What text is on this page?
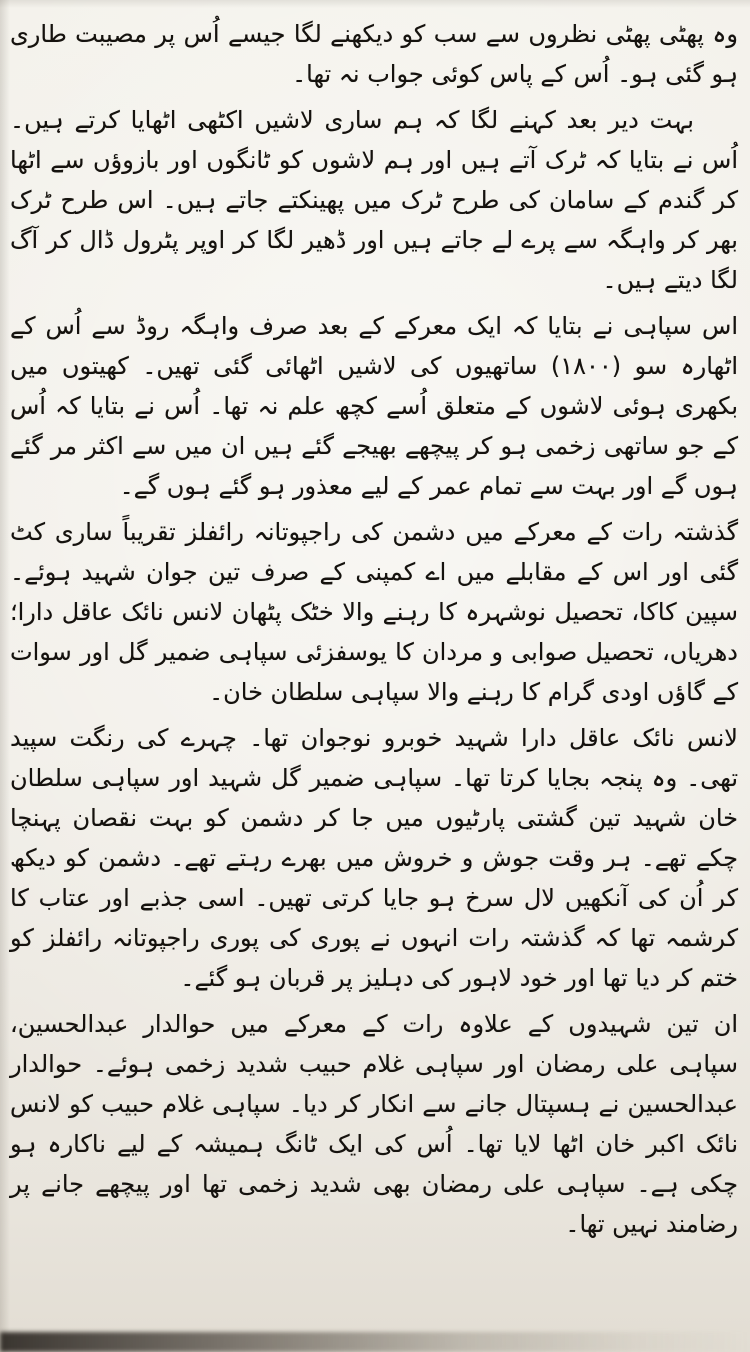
وہ پھٹی پھٹی نظروں سے سب کو دیکھنے لگا جیسے اُس پر مصیبت طاری ہو گئی ہو۔ اُس کے پاس کوئی جواب نہ تھا۔

بہت دیر بعد کہنے لگا کہ ہم ساری لاشیں اکٹھی اٹھایا کرتے ہیں۔ اُس نے بتایا کہ ٹرک آتے ہیں اور ہم لاشوں کو ٹانگوں اور بازوؤں سے اٹھا کر گندم کے سامان کی طرح ٹرک میں پھینکتے جاتے ہیں۔ اس طرح ٹرک بھر کر واہگہ سے پرے لے جاتے ہیں اور ڈھیر لگا کر اوپر پٹرول ڈال کر آگ لگا دیتے ہیں۔

اس سپاہی نے بتایا کہ ایک معرکے کے بعد صرف واہگہ روڈ سے اُس کے اٹھارہ سو (۱۸۰۰) ساتھیوں کی لاشیں اٹھائی گئی تھیں۔ کھیتوں میں بکھری ہوئی لاشوں کے متعلق اُسے کچھ علم نہ تھا۔ اُس نے بتایا کہ اُس کے جو ساتھی زخمی ہو کر پیچھے بھیجے گئے ہیں ان میں سے اکثر مر گئے ہوں گے اور بہت سے تمام عمر کے لیے معذور ہو گئے ہوں گے۔

گذشتہ رات کے معرکے میں دشمن کی راجپوتانہ رائفلز تقریباً ساری کٹ گئی اور اس کے مقابلے میں اے کمپنی کے صرف تین جوان شہید ہوئے۔ سپین کاکا، تحصیل نوشہرہ کا رہنے والا خٹک پٹھان لانس نائک عاقل دارا؛ دھریاں، تحصیل صوابی و مردان کا یوسفزئی سپاہی ضمیر گل اور سوات کے گاؤں اودی گرام کا رہنے والا سپاہی سلطان خان۔

لانس نائک عاقل دارا شہید خوبرو نوجوان تھا۔ چہرے کی رنگت سپید تھی۔ وہ پنجہ بجایا کرتا تھا۔ سپاہی ضمیر گل شہید اور سپاہی سلطان خان شہید تین گشتی پارٹیوں میں جا کر دشمن کو بہت نقصان پہنچا چکے تھے۔ ہر وقت جوش و خروش میں بھرے رہتے تھے۔ دشمن کو دیکھ کر اُن کی آنکھیں لال سرخ ہو جایا کرتی تھیں۔ اسی جذبے اور عتاب کا کرشمہ تھا کہ گذشتہ رات انہوں نے پوری کی پوری راجپوتانہ رائفلز کو ختم کر دیا تھا اور خود لاہور کی دہلیز پر قربان ہو گئے۔

ان تین شہیدوں کے علاوہ رات کے معرکے میں حوالدار عبدالحسین، سپاہی علی رمضان اور سپاہی غلام حبیب شدید زخمی ہوئے۔ حوالدار عبدالحسین نے ہسپتال جانے سے انکار کر دیا۔ سپاہی غلام حبیب کو لانس نائک اکبر خان اٹھا لایا تھا۔ اُس کی ایک ٹانگ ہمیشہ کے لیے ناکارہ ہو چکی ہے۔ سپاہی علی رمضان بھی شدید زخمی تھا اور پیچھے جانے پر رضامند نہیں تھا۔
